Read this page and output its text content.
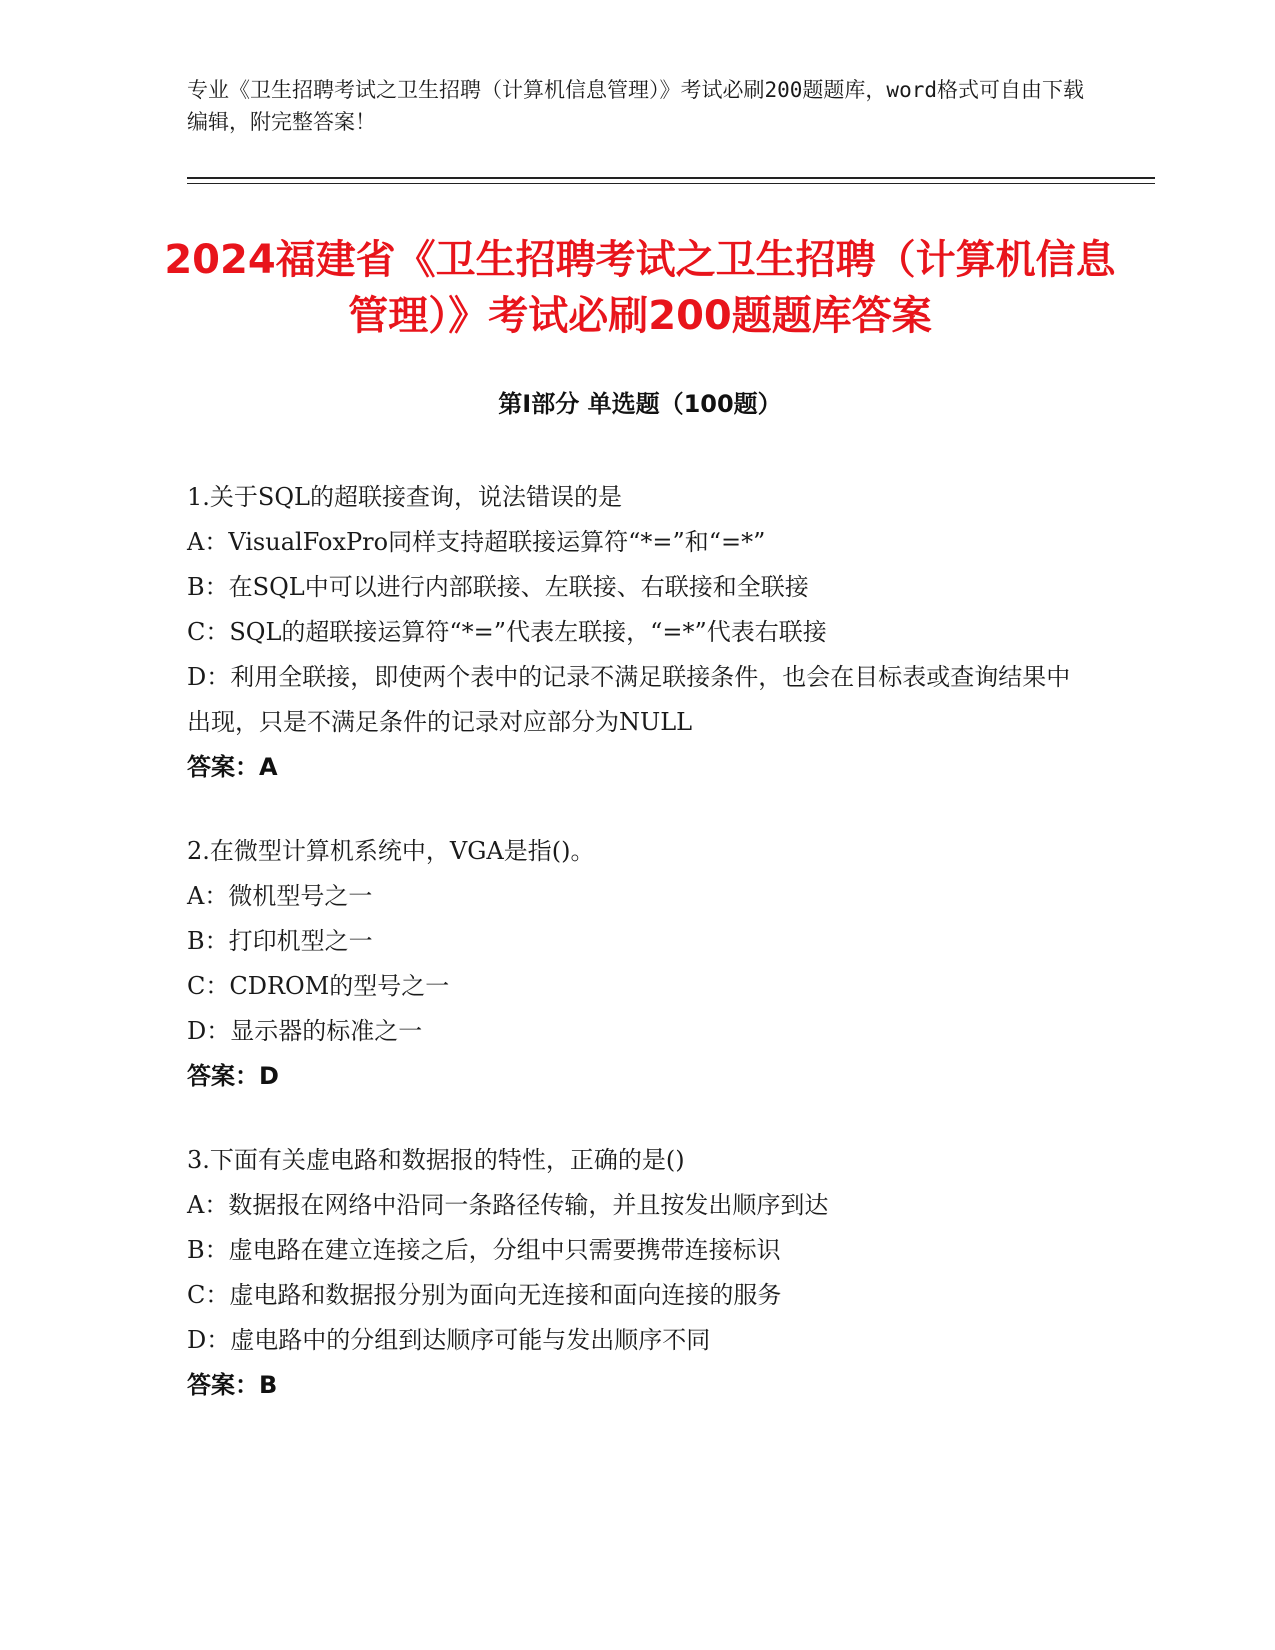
专业《卫生招聘考试之卫生招聘（计算机信息管理）》考试必刷200题题库，word格式可自由下载编辑，附完整答案！
2024福建省《卫生招聘考试之卫生招聘（计算机信息管理）》考试必刷200题题库答案
第Ⅰ部分 单选题（100题）
1.关于SQL的超联接查询，说法错误的是
A：VisualFoxPro同样支持超联接运算符“*=”和“=*”
B：在SQL中可以进行内部联接、左联接、右联接和全联接
C：SQL的超联接运算符“*=”代表左联接，“=*”代表右联接
D：利用全联接，即使两个表中的记录不满足联接条件，也会在目标表或查询结果中出现，只是不满足条件的记录对应部分为NULL
答案：A
2.在微型计算机系统中，VGA是指()。
A：微机型号之一
B：打印机型之一
C：CDROM的型号之一
D：显示器的标准之一
答案：D
3.下面有关虚电路和数据报的特性，正确的是()
A：数据报在网络中沿同一条路径传输，并且按发出顺序到达
B：虚电路在建立连接之后，分组中只需要携带连接标识
C：虚电路和数据报分别为面向无连接和面向连接的服务
D：虚电路中的分组到达顺序可能与发出顺序不同
答案：B
